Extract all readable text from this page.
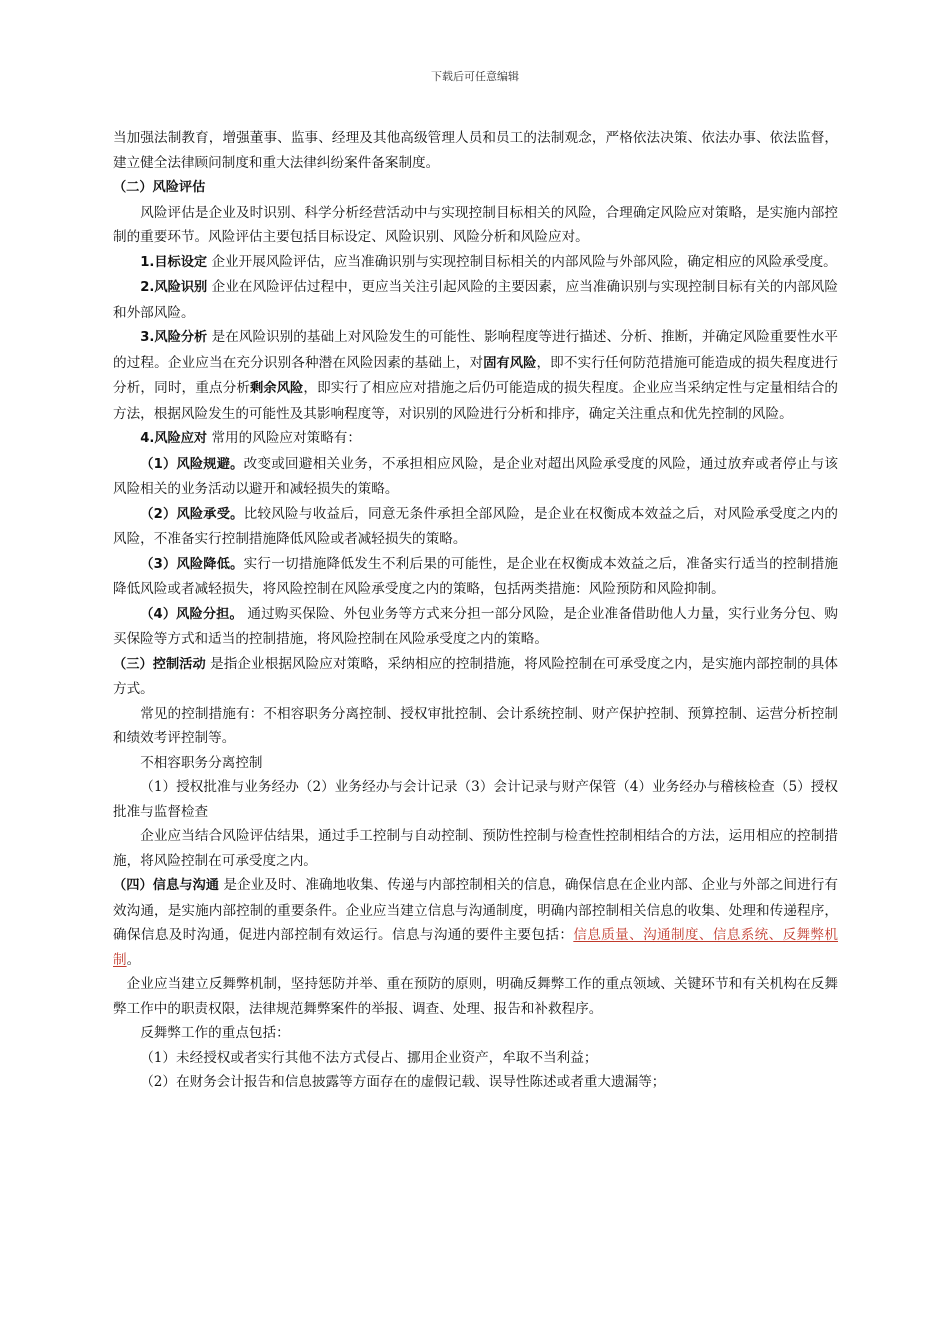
下载后可任意编辑

当加强法制教育，增强董事、监事、经理及其他高级管理人员和员工的法制观念，严格依法决策、依法办事、依法监督，建立健全法律顾问制度和重大法律纠纷案件备案制度。

（二）风险评估

风险评估是企业及时识别、科学分析经营活动中与实现控制目标相关的风险，合理确定风险应对策略，是实施内部控制的重要环节。风险评估主要包括目标设定、风险识别、风险分析和风险应对。

1.目标设定 企业开展风险评估，应当准确识别与实现控制目标相关的内部风险与外部风险，确定相应的风险承受度。

2.风险识别 企业在风险评估过程中，更应当关注引起风险的主要因素，应当准确识别与实现控制目标有关的内部风险和外部风险。

3.风险分析 是在风险识别的基础上对风险发生的可能性、影响程度等进行描述、分析、推断，并确定风险重要性水平的过程。企业应当在充分识别各种潜在风险因素的基础上，对固有风险，即不实行任何防范措施可能造成的损失程度进行分析，同时，重点分析剩余风险，即实行了相应应对措施之后仍可能造成的损失程度。企业应当采纳定性与定量相结合的方法，根据风险发生的可能性及其影响程度等，对识别的风险进行分析和排序，确定关注重点和优先控制的风险。

4.风险应对 常用的风险应对策略有：

（1）风险规避。改变或回避相关业务，不承担相应风险，是企业对超出风险承受度的风险，通过放弃或者停止与该风险相关的业务活动以避开和减轻损失的策略。

（2）风险承受。比较风险与收益后，同意无条件承担全部风险，是企业在权衡成本效益之后，对风险承受度之内的风险，不准备实行控制措施降低风险或者减轻损失的策略。

（3）风险降低。实行一切措施降低发生不利后果的可能性，是企业在权衡成本效益之后，准备实行适当的控制措施降低风险或者减轻损失，将风险控制在风险承受度之内的策略，包括两类措施：风险预防和风险抑制。

（4）风险分担。 通过购买保险、外包业务等方式来分担一部分风险，是企业准备借助他人力量，实行业务分包、购买保险等方式和适当的控制措施，将风险控制在风险承受度之内的策略。

（三）控制活动 是指企业根据风险应对策略，采纳相应的控制措施，将风险控制在可承受度之内，是实施内部控制的具体方式。

常见的控制措施有：不相容职务分离控制、授权审批控制、会计系统控制、财产保护控制、预算控制、运营分析控制和绩效考评控制等。

不相容职务分离控制

（1）授权批准与业务经办（2）业务经办与会计记录（3）会计记录与财产保管（4）业务经办与稽核检查（5）授权批准与监督检查

企业应当结合风险评估结果，通过手工控制与自动控制、预防性控制与检查性控制相结合的方法，运用相应的控制措施，将风险控制在可承受度之内。

（四）信息与沟通 是企业及时、准确地收集、传递与内部控制相关的信息，确保信息在企业内部、企业与外部之间进行有效沟通，是实施内部控制的重要条件。企业应当建立信息与沟通制度，明确内部控制相关信息的收集、处理和传递程序，确保信息及时沟通，促进内部控制有效运行。信息与沟通的要件主要包括：信息质量、沟通制度、信息系统、反舞弊机制。

企业应当建立反舞弊机制，坚持惩防并举、重在预防的原则，明确反舞弊工作的重点领域、关键环节和有关机构在反舞弊工作中的职责权限，法律规范舞弊案件的举报、调查、处理、报告和补救程序。

反舞弊工作的重点包括：

（1）未经授权或者实行其他不法方式侵占、挪用企业资产，牟取不当利益；

（2）在财务会计报告和信息披露等方面存在的虚假记载、误导性陈述或者重大遗漏等；
